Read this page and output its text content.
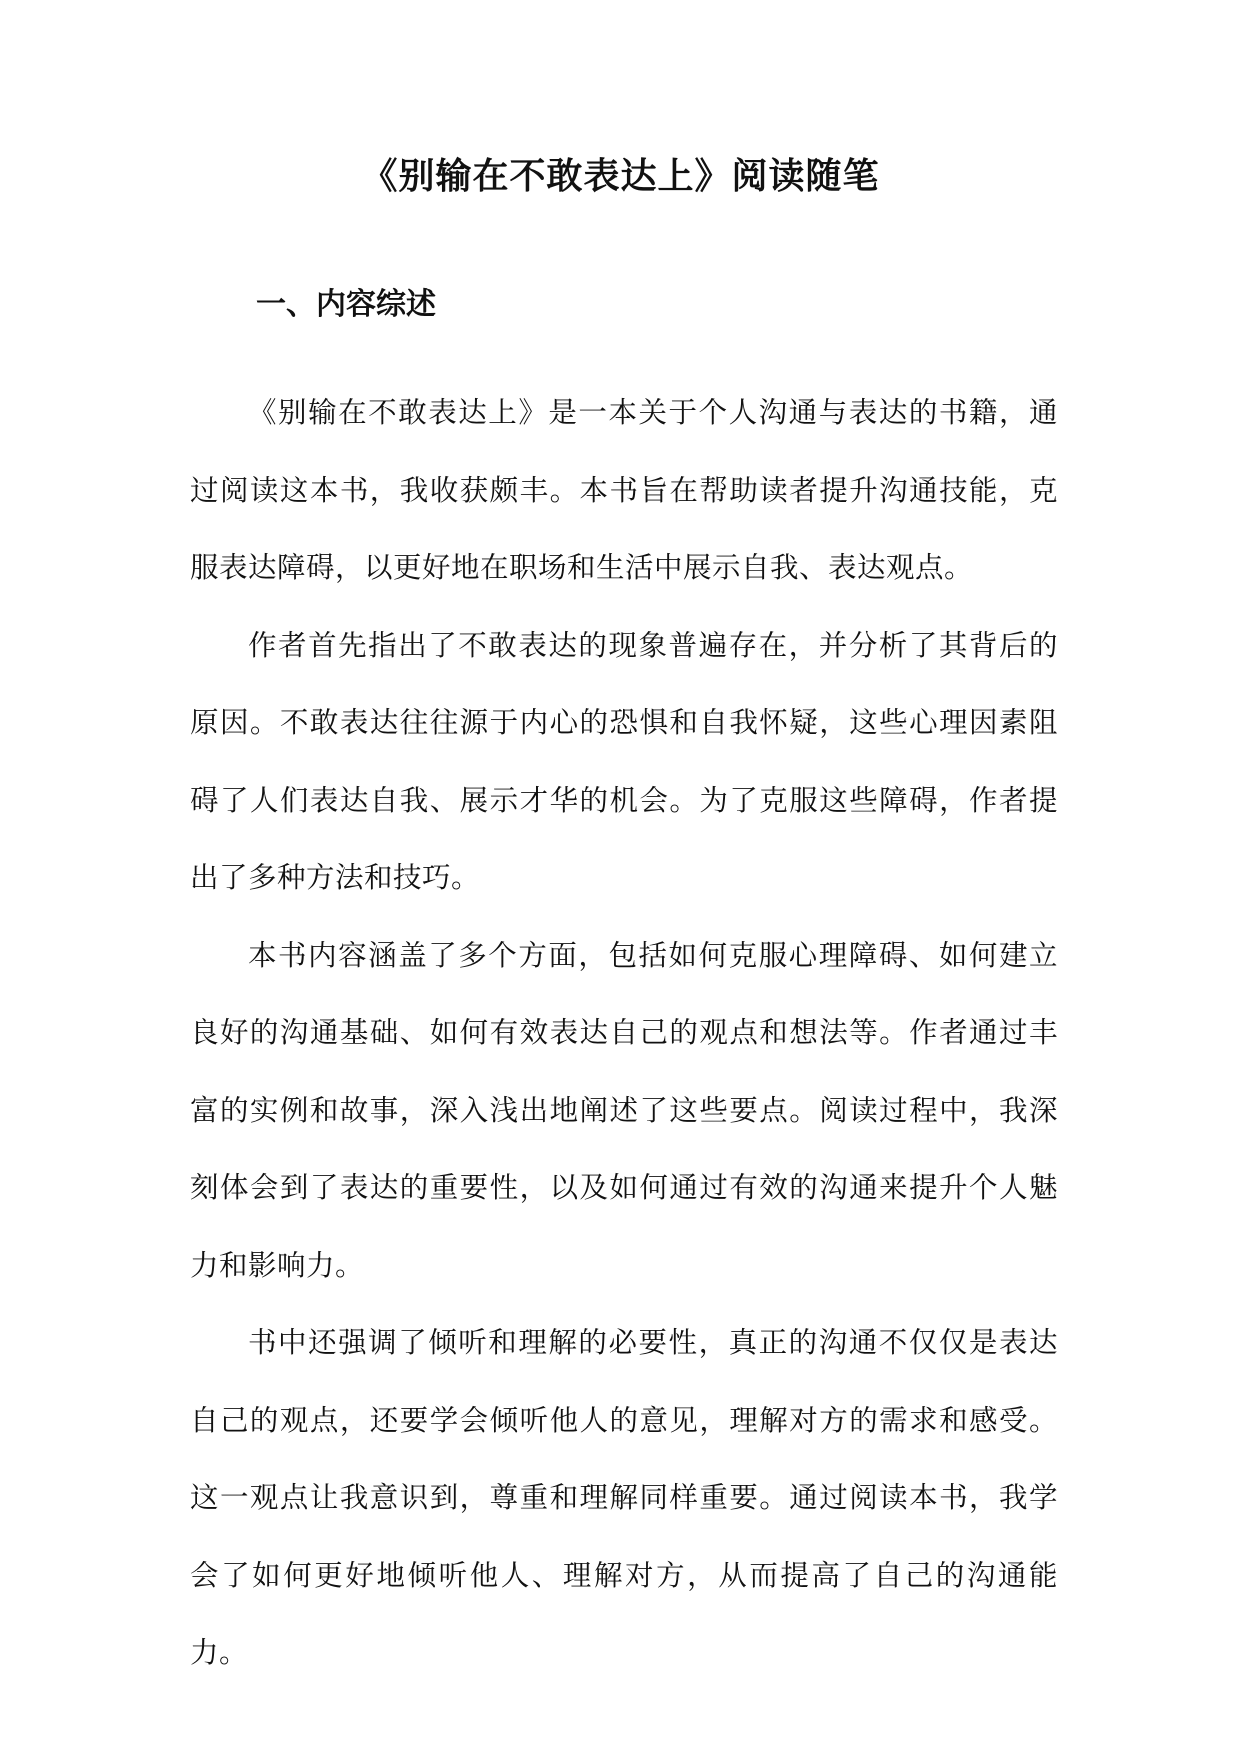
《别输在不敢表达上》阅读随笔
一、内容综述

《别输在不敢表达上》是一本关于个人沟通与表达的书籍，通过阅读这本书，我收获颇丰。本书旨在帮助读者提升沟通技能，克服表达障碍，以更好地在职场和生活中展示自我、表达观点。

作者首先指出了不敢表达的现象普遍存在，并分析了其背后的原因。不敢表达往往源于内心的恐惧和自我怀疑，这些心理因素阻碍了人们表达自我、展示才华的机会。为了克服这些障碍，作者提出了多种方法和技巧。

本书内容涵盖了多个方面，包括如何克服心理障碍、如何建立良好的沟通基础、如何有效表达自己的观点和想法等。作者通过丰富的实例和故事，深入浅出地阐述了这些要点。阅读过程中，我深刻体会到了表达的重要性，以及如何通过有效的沟通来提升个人魅力和影响力。

书中还强调了倾听和理解的必要性，真正的沟通不仅仅是表达自己的观点，还要学会倾听他人的意见，理解对方的需求和感受。这一观点让我意识到，尊重和理解同样重要。通过阅读本书，我学会了如何更好地倾听他人、理解对方，从而提高了自己的沟通能力。
